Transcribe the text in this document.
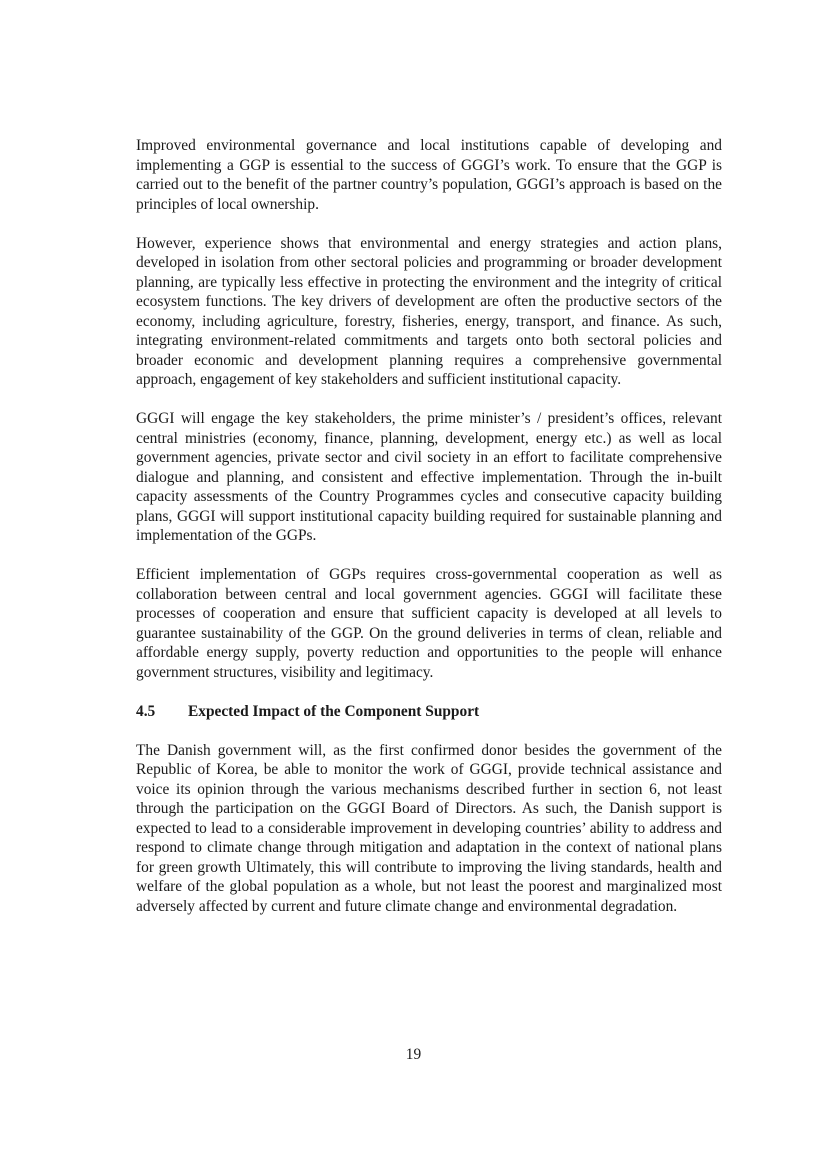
Improved environmental governance and local institutions capable of developing and implementing a GGP is essential to the success of GGGI’s work. To ensure that the GGP is carried out to the benefit of the partner country’s population, GGGI’s approach is based on the principles of local ownership.

However, experience shows that environmental and energy strategies and action plans, developed in isolation from other sectoral policies and programming or broader development planning, are typically less effective in protecting the environment and the integrity of critical ecosystem functions. The key drivers of development are often the productive sectors of the economy, including agriculture, forestry, fisheries, energy, transport, and finance. As such, integrating environment-related commitments and targets onto both sectoral policies and broader economic and development planning requires a comprehensive governmental approach, engagement of key stakeholders and sufficient institutional capacity.

GGGI will engage the key stakeholders, the prime minister’s / president’s offices, relevant central ministries (economy, finance, planning, development, energy etc.) as well as local government agencies, private sector and civil society in an effort to facilitate comprehensive dialogue and planning, and consistent and effective implementation. Through the in-built capacity assessments of the Country Programmes cycles and consecutive capacity building plans, GGGI will support institutional capacity building required for sustainable planning and implementation of the GGPs.

Efficient implementation of GGPs requires cross-governmental cooperation as well as collaboration between central and local government agencies. GGGI will facilitate these processes of cooperation and ensure that sufficient capacity is developed at all levels to guarantee sustainability of the GGP. On the ground deliveries in terms of clean, reliable and affordable energy supply, poverty reduction and opportunities to the people will enhance government structures, visibility and legitimacy.

4.5	Expected Impact of the Component Support

The Danish government will, as the first confirmed donor besides the government of the Republic of Korea, be able to monitor the work of GGGI, provide technical assistance and voice its opinion through the various mechanisms described further in section 6, not least through the participation on the GGGI Board of Directors. As such, the Danish support is expected to lead to a considerable improvement in developing countries’ ability to address and respond to climate change through mitigation and adaptation in the context of national plans for green growth Ultimately, this will contribute to improving the living standards, health and welfare of the global population as a whole, but not least the poorest and marginalized most adversely affected by current and future climate change and environmental degradation.

19
